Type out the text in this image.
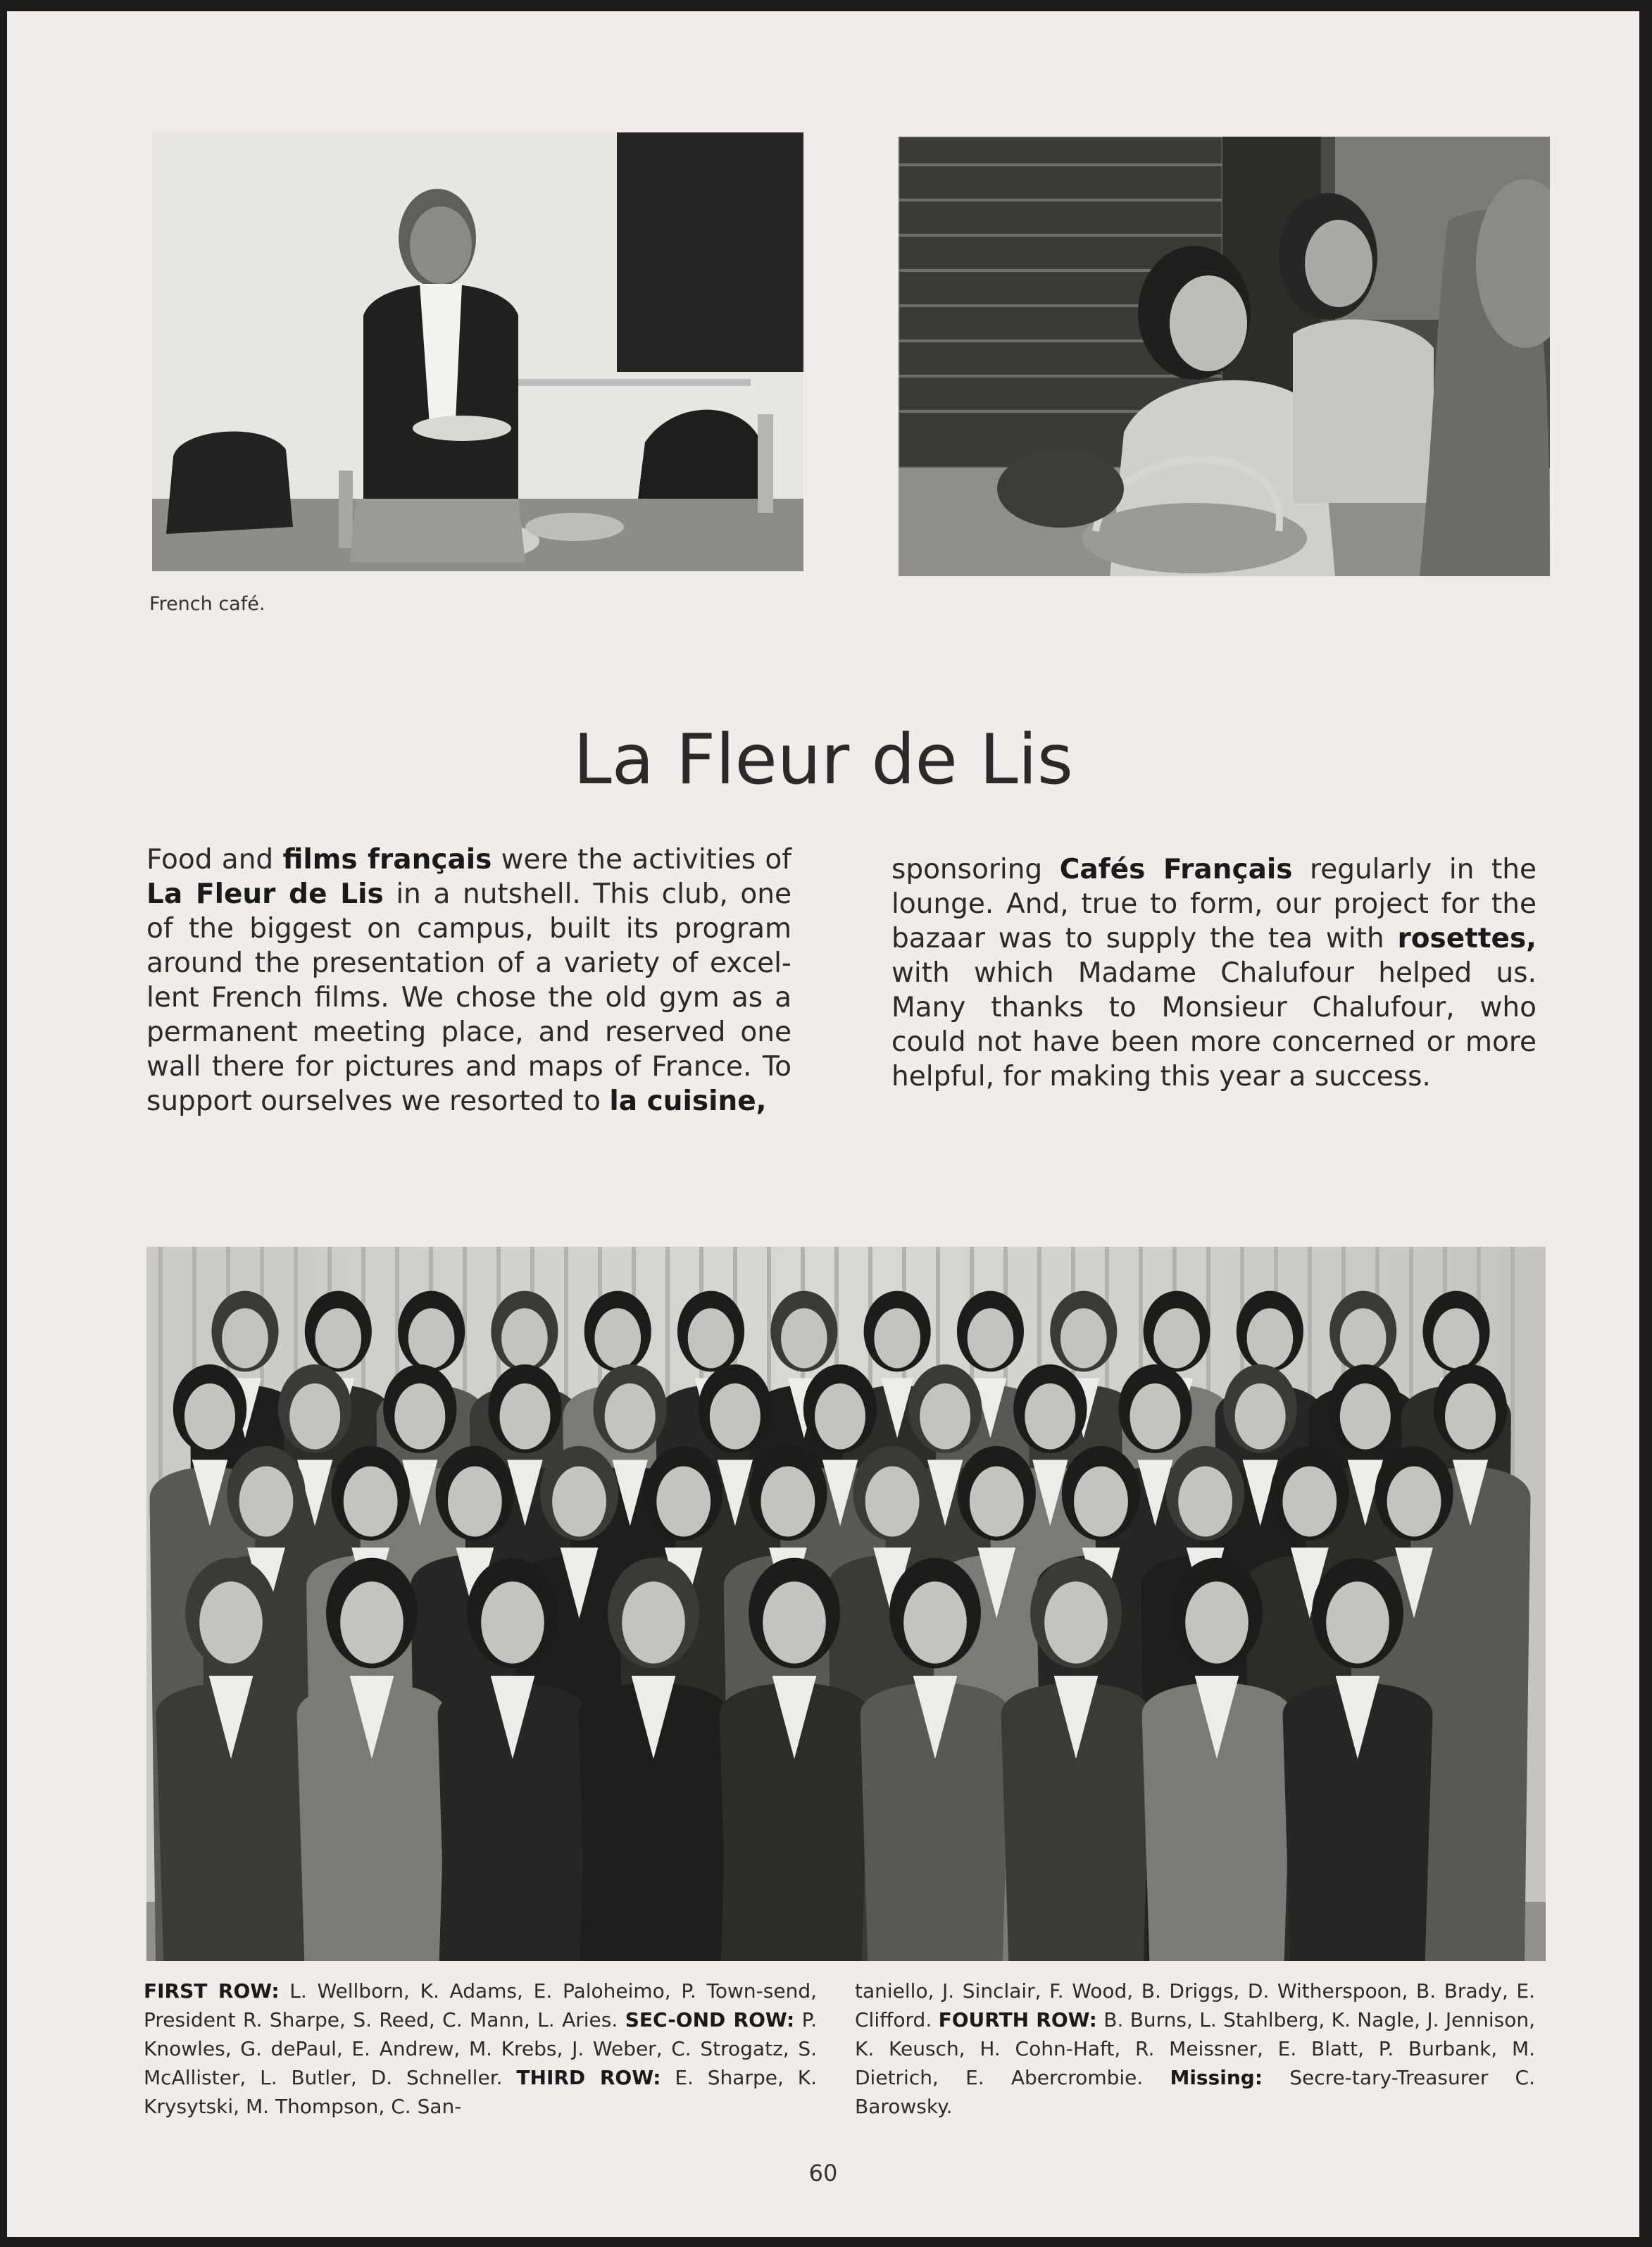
French café.
La Fleur de Lis

Food and films français were the activities of La Fleur de Lis in a nutshell. This club, one of the biggest on campus, built its program around the presentation of a variety of excel-lent French films. We chose the old gym as a permanent meeting place, and reserved one wall there for pictures and maps of France. To support ourselves we resorted to la cuisine,

sponsoring Cafés Français regularly in the lounge. And, true to form, our project for the bazaar was to supply the tea with rosettes, with which Madame Chalufour helped us. Many thanks to Monsieur Chalufour, who could not have been more concerned or more helpful, for making this year a success.

FIRST ROW: L. Wellborn, K. Adams, E. Paloheimo, P. Town-send, President R. Sharpe, S. Reed, C. Mann, L. Aries. SEC-OND ROW: P. Knowles, G. dePaul, E. Andrew, M. Krebs, J. Weber, C. Strogatz, S. McAllister, L. Butler, D. Schneller. THIRD ROW: E. Sharpe, K. Krysytski, M. Thompson, C. San-

taniello, J. Sinclair, F. Wood, B. Driggs, D. Witherspoon, B. Brady, E. Clifford. FOURTH ROW: B. Burns, L. Stahlberg, K. Nagle, J. Jennison, K. Keusch, H. Cohn-Haft, R. Meissner, E. Blatt, P. Burbank, M. Dietrich, E. Abercrombie. Missing: Secre-tary-Treasurer C. Barowsky.

60
